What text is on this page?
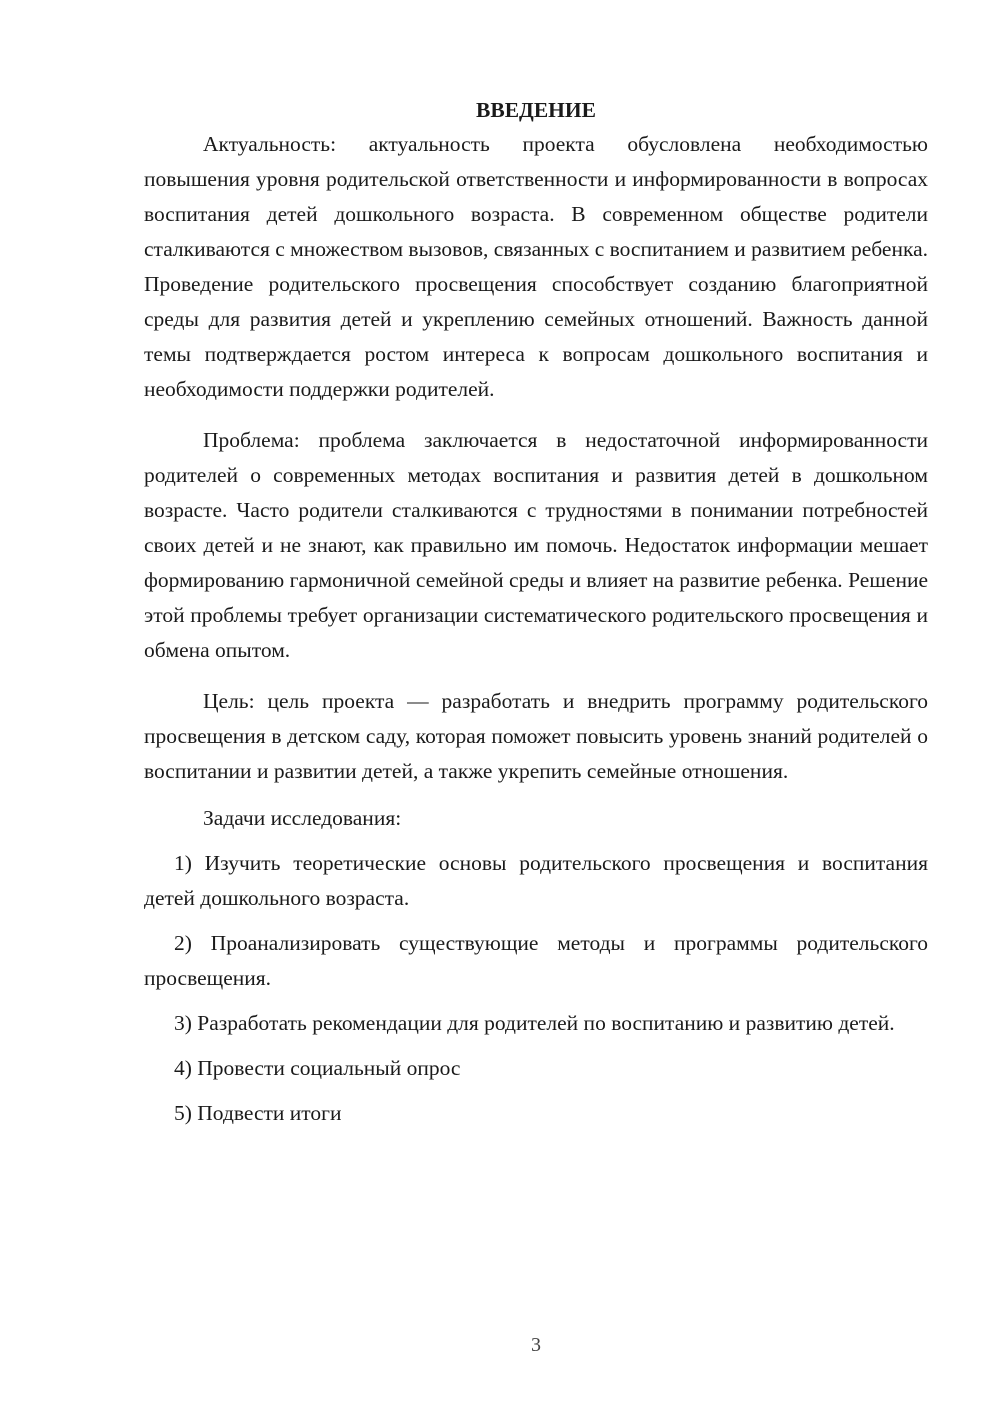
ВВЕДЕНИЕ

Актуальность: актуальность проекта обусловлена необходимостью повышения уровня родительской ответственности и информированности в вопросах воспитания детей дошкольного возраста. В современном обществе родители сталкиваются с множеством вызовов, связанных с воспитанием и развитием ребенка. Проведение родительского просвещения способствует созданию благоприятной среды для развития детей и укреплению семейных отношений. Важность данной темы подтверждается ростом интереса к вопросам дошкольного воспитания и необходимости поддержки родителей.

Проблема: проблема заключается в недостаточной информированности родителей о современных методах воспитания и развития детей в дошкольном возрасте. Часто родители сталкиваются с трудностями в понимании потребностей своих детей и не знают, как правильно им помочь. Недостаток информации мешает формированию гармоничной семейной среды и влияет на развитие ребенка. Решение этой проблемы требует организации систематического родительского просвещения и обмена опытом.

Цель: цель проекта — разработать и внедрить программу родительского просвещения в детском саду, которая поможет повысить уровень знаний родителей о воспитании и развитии детей, а также укрепить семейные отношения.

Задачи исследования:

1) Изучить теоретические основы родительского просвещения и воспитания детей дошкольного возраста.

2) Проанализировать существующие методы и программы родительского просвещения.

3) Разработать рекомендации для родителей по воспитанию и развитию детей.

4) Провести социальный опрос

5) Подвести итоги

3
